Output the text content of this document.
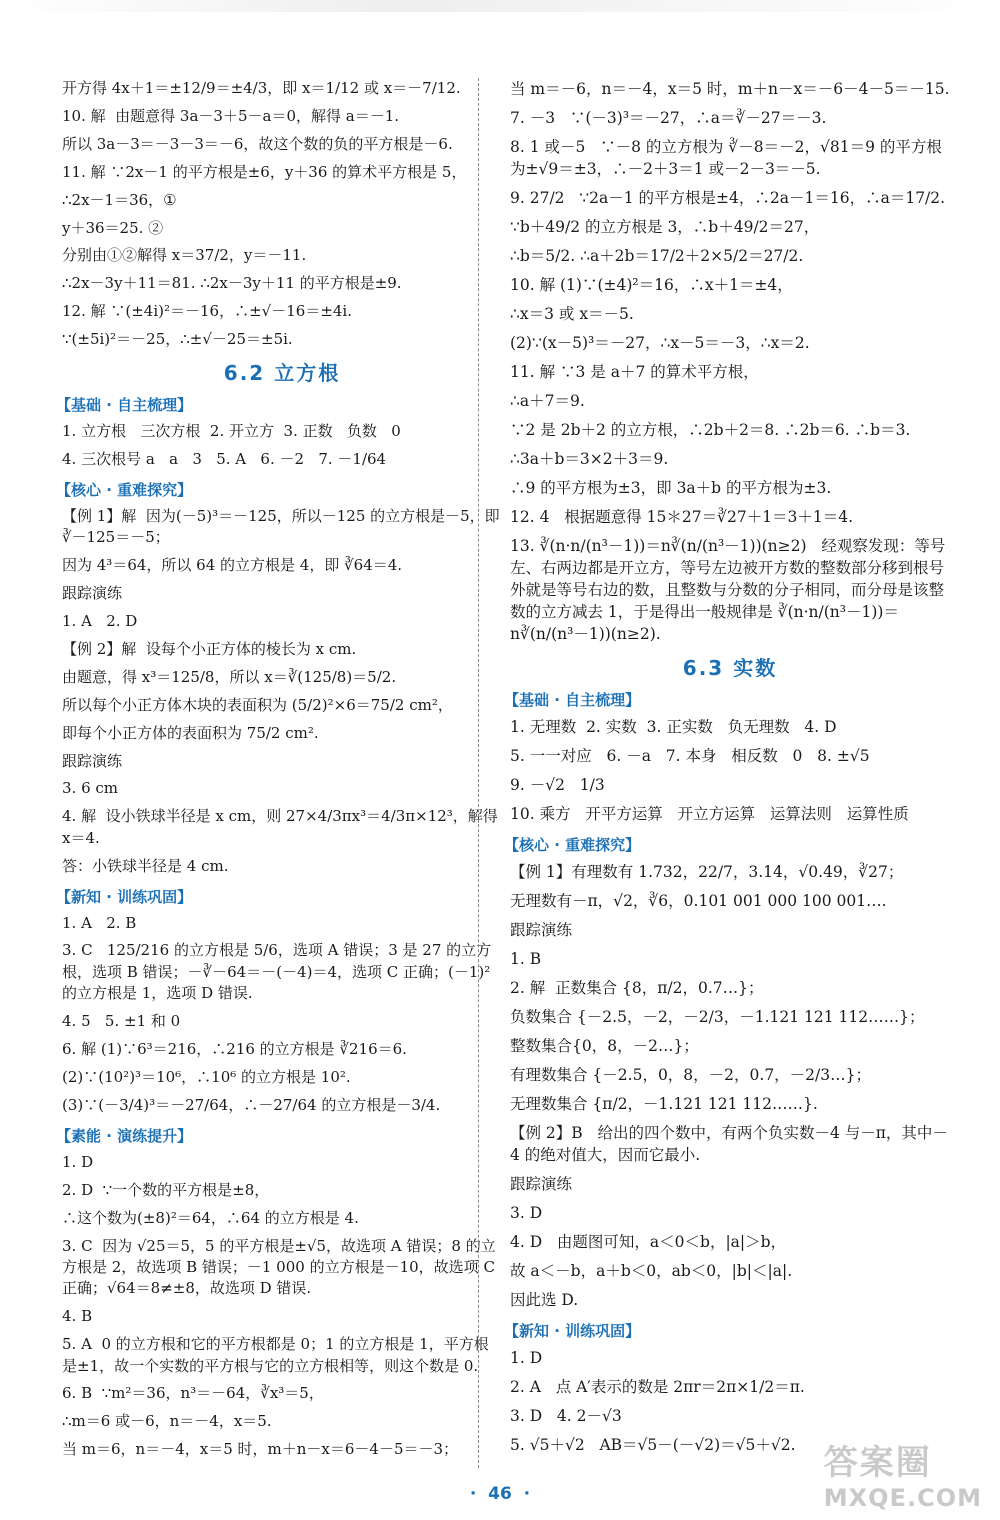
开方得 4x＋1＝±12/9＝±4/3，即 x＝1/12 或 x＝－7/12.
10. 解  由题意得 3a－3＋5－a＝0，解得 a＝－1.
所以 3a－3＝－3－3＝－6，故这个数的负的平方根是－6.
11. 解 ∵2x－1 的平方根是±6，y＋36 的算术平方根是 5，
∴2x－1＝36，①
y＋36＝25. ②
分别由①②解得 x＝37/2，y＝－11.
∴2x－3y＋11＝81. ∴2x－3y＋11 的平方根是±9.
12. 解 ∵(±4i)²＝－16，∴±√－16＝±4i.
∵(±5i)²＝－25，∴±√－25＝±5i.
6.2 立方根
【基础 · 自主梳理】
1. 立方根   三次方根  2. 开立方  3. 正数   负数   0
4. 三次根号 a   a   3   5. A   6. －2   7. －1/64
【核心 · 重难探究】
【例 1】解  因为(－5)³＝－125，所以－125 的立方根是－5，即 ∛－125＝－5；
因为 4³＝64，所以 64 的立方根是 4，即 ∛64＝4.
跟踪演练
1. A   2. D
【例 2】解  设每个小正方体的棱长为 x cm.
由题意，得 x³＝125/8，所以 x＝∛(125/8)＝5/2.
所以每个小正方体木块的表面积为 (5/2)²×6＝75/2 cm²，
即每个小正方体的表面积为 75/2 cm².
跟踪演练
3. 6 cm
4. 解  设小铁球半径是 x cm，则 27×4/3πx³＝4/3π×12³，解得 x＝4.
答：小铁球半径是 4 cm.
【新知 · 训练巩固】
1. A   2. B
3. C   125/216 的立方根是 5/6，选项 A 错误；3 是 27 的立方根，选项 B 错误；－∛－64＝－(－4)＝4，选项 C 正确；(－1)² 的立方根是 1，选项 D 错误.
4. 5   5. ±1 和 0
6. 解 (1)∵6³＝216，∴216 的立方根是 ∛216＝6.
(2)∵(10²)³＝10⁶，∴10⁶ 的立方根是 10².
(3)∵(－3/4)³＝－27/64，∴－27/64 的立方根是－3/4.
【素能 · 演练提升】
1. D
2. D  ∵一个数的平方根是±8，
∴这个数为(±8)²＝64，∴64 的立方根是 4.
3. C  因为 √25＝5，5 的平方根是±√5，故选项 A 错误；8 的立方根是 2，故选项 B 错误；－1 000 的立方根是－10，故选项 C 正确；√64＝8≠±8，故选项 D 错误.
4. B
5. A  0 的立方根和它的平方根都是 0；1 的立方根是 1，平方根是±1，故一个实数的平方根与它的立方根相等，则这个数是 0.
6. B  ∵m²＝36，n³＝－64，∛x³＝5，
∴m＝6 或－6，n＝－4，x＝5.
当 m＝6，n＝－4，x＝5 时，m＋n－x＝6－4－5＝－3；
当 m＝－6，n＝－4，x＝5 时，m＋n－x＝－6－4－5＝－15.
7. －3   ∵(－3)³＝－27，∴a＝∛－27＝－3.
8. 1 或－5   ∵－8 的立方根为 ∛－8＝－2，√81＝9 的平方根为±√9＝±3，∴－2＋3＝1 或－2－3＝－5.
9. 27/2   ∵2a－1 的平方根是±4，∴2a－1＝16，∴a＝17/2.
∵b＋49/2 的立方根是 3，∴b＋49/2＝27，
∴b＝5/2. ∴a＋2b＝17/2＋2×5/2＝27/2.
10. 解 (1)∵(±4)²＝16，∴x＋1＝±4，
∴x＝3 或 x＝－5.
(2)∵(x－5)³＝－27，∴x－5＝－3，∴x＝2.
11. 解 ∵3 是 a＋7 的算术平方根，
∴a＋7＝9.
∵2 是 2b＋2 的立方根，∴2b＋2＝8. ∴2b＝6. ∴b＝3.
∴3a＋b＝3×2＋3＝9.
∴9 的平方根为±3，即 3a＋b 的平方根为±3.
12. 4   根据题意得 15＊27＝∛27＋1＝3＋1＝4.
13. ∛(n·n/(n³－1))＝n∛(n/(n³－1))(n≥2)   经观察发现：等号左、右两边都是开立方，等号左边被开方数的整数部分移到根号外就是等号右边的数，且整数与分数的分子相同，而分母是该整数的立方减去 1，于是得出一般规律是 ∛(n·n/(n³－1))＝n∛(n/(n³－1))(n≥2).
6.3 实数
【基础 · 自主梳理】
1. 无理数  2. 实数  3. 正实数   负无理数   4. D
5. 一一对应   6. －a   7. 本身   相反数   0   8. ±√5
9. －√2   1/3
10. 乘方   开平方运算   开立方运算   运算法则   运算性质
【核心 · 重难探究】
【例 1】有理数有 1.732，22/7，3.14，√0.49，∛27；
无理数有－π，√2，∛6，0.101 001 000 100 001….
跟踪演练
1. B
2. 解  正数集合 {8，π/2，0.7…}；
负数集合 {－2.5，－2，－2/3，－1.121 121 112……}；
整数集合{0，8，－2…}；
有理数集合 {－2.5，0，8，－2，0.7，－2/3…}；
无理数集合 {π/2，－1.121 121 112……}.
【例 2】B   给出的四个数中，有两个负实数－4 与－π，其中－4 的绝对值大，因而它最小.
跟踪演练
3. D
4. D   由题图可知，a＜0＜b，|a|＞b，
故 a＜－b，a＋b＜0，ab＜0，|b|＜|a|.
因此选 D.
【新知 · 训练巩固】
1. D
2. A   点 A′表示的数是 2πr＝2π×1/2＝π.
3. D   4. 2－√3
5. √5＋√2   AB＝√5－(－√2)＝√5＋√2.
·  46  ·
答案圈
MXQE.COM
